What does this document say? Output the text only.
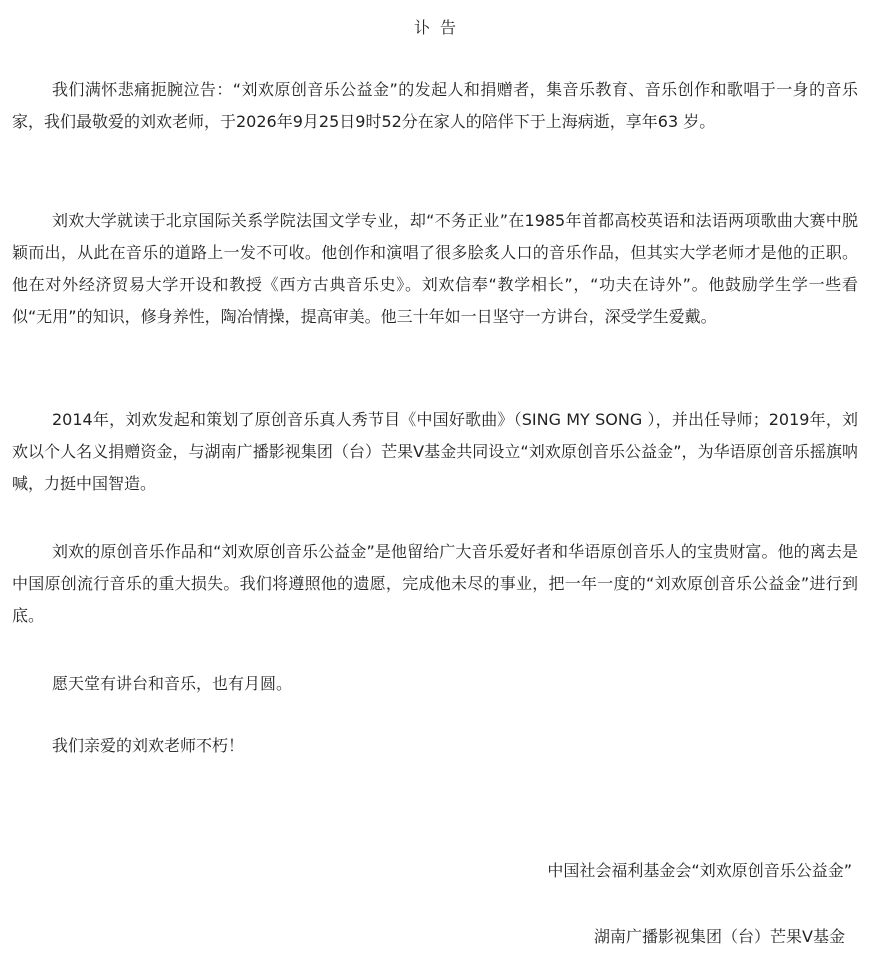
讣告

我们满怀悲痛扼腕泣告：“刘欢原创音乐公益金”的发起人和捐赠者，集音乐教育、音乐创作和歌唱于一身的音乐家，我们最敬爱的刘欢老师，于2026年9月25日9时52分在家人的陪伴下于上海病逝，享年63 岁。

刘欢大学就读于北京国际关系学院法国文学专业，却“不务正业”在1985年首都高校英语和法语两项歌曲大赛中脱颖而出，从此在音乐的道路上一发不可收。他创作和演唱了很多脍炙人口的音乐作品，但其实大学老师才是他的正职。他在对外经济贸易大学开设和教授《西方古典音乐史》。刘欢信奉“教学相长”，“功夫在诗外”。他鼓励学生学一些看似“无用”的知识，修身养性，陶冶情操，提高审美。他三十年如一日坚守一方讲台，深受学生爱戴。

2014年，刘欢发起和策划了原创音乐真人秀节目《中国好歌曲》（SING MY SONG ），并出任导师；2019年，刘欢以个人名义捐赠资金，与湖南广播影视集团（台）芒果V基金共同设立“刘欢原创音乐公益金”，为华语原创音乐摇旗呐喊，力挺中国智造。

刘欢的原创音乐作品和“刘欢原创音乐公益金”是他留给广大音乐爱好者和华语原创音乐人的宝贵财富。他的离去是中国原创流行音乐的重大损失。我们将遵照他的遗愿，完成他未尽的事业，把一年一度的“刘欢原创音乐公益金”进行到底。

愿天堂有讲台和音乐，也有月圆。

我们亲爱的刘欢老师不朽！

中国社会福利基金会“刘欢原创音乐公益金”
湖南广播影视集团（台）芒果V基金
